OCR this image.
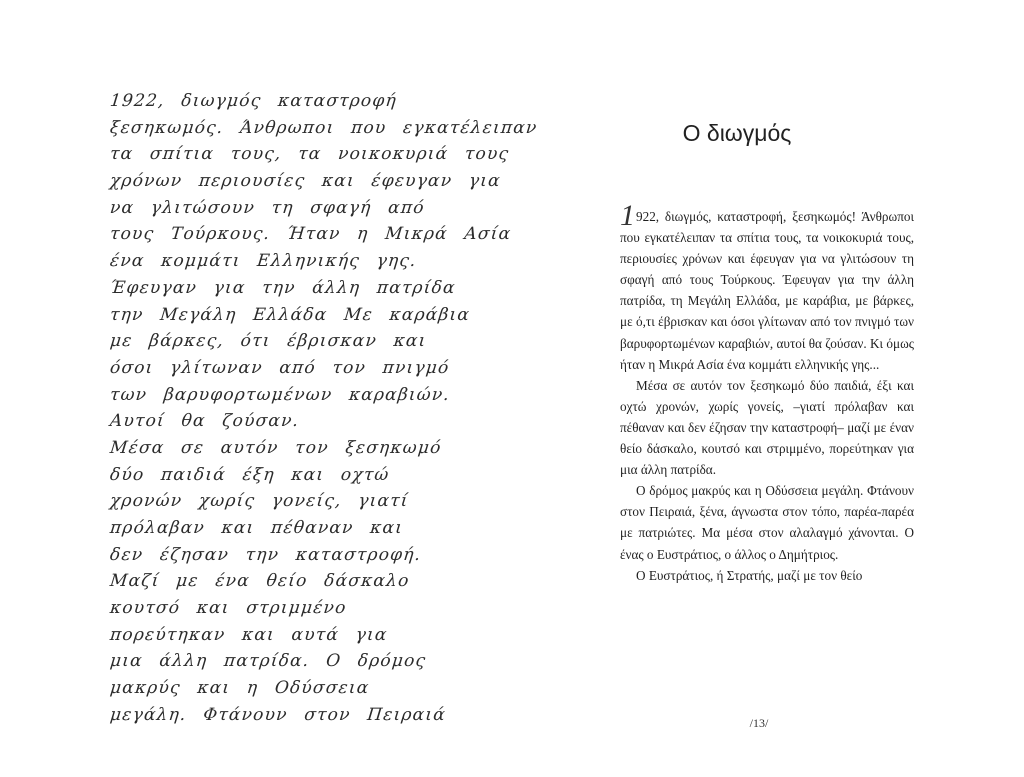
1922, διωγμός καταστροφή
ξεσηκωμός. Άνθρωποι που εγκατέλειπαν
τα σπίτια τους, τα νοικοκυριά τους
χρόνων περιουσίες και έφευγαν για
να γλιτώσουν τη σφαγή από
τους Τούρκους. Ήταν η Μικρά Ασία
ένα κομμάτι Ελληνικής γης.
Έφευγαν για την άλλη πατρίδα
την Μεγάλη Ελλάδα Με καράβια
με βάρκες, ότι έβρισκαν και
όσοι γλίτωναν από τον πνιγμό
των βαρυφορτωμένων καραβιών.
Αυτοί θα ζούσαν.
Μέσα σε αυτόν τον ξεσηκωμό
δύο παιδιά έξη και οχτώ
χρονών χωρίς γονείς, γιατί
πρόλαβαν και πέθαναν και
δεν έζησαν την καταστροφή.
Μαζί με ένα θείο δάσκαλο
κουτσό και στριμμένο
πορεύτηκαν και αυτά για
μια άλλη πατρίδα. Ο δρόμος
μακρύς και η Οδύσσεια
μεγάλη. Φτάνουν στον Πειραιά
Ο διωγμός

1922, διωγμός, καταστροφή, ξεσηκωμός! Άνθρωποι που εγκατέλειπαν τα σπίτια τους, τα νοικοκυριά τους, περιουσίες χρόνων και έφευγαν για να γλιτώσουν τη σφαγή από τους Τούρκους. Έφευγαν για την άλλη πατρίδα, τη Μεγάλη Ελλάδα, με καράβια, με βάρκες, με ό,τι έβρισκαν και όσοι γλίτωναν από τον πνιγμό των βαρυφορτωμένων καραβιών, αυτοί θα ζούσαν. Κι όμως ήταν η Μικρά Ασία ένα κομμάτι ελληνικής γης...

Μέσα σε αυτόν τον ξεσηκωμό δύο παιδιά, έξι και οχτώ χρονών, χωρίς γονείς, –γιατί πρόλαβαν και πέθαναν και δεν έζησαν την καταστροφή– μαζί με έναν θείο δάσκαλο, κουτσό και στριμμένο, πορεύτηκαν για μια άλλη πατρίδα.

Ο δρόμος μακρύς και η Οδύσσεια μεγάλη. Φτάνουν στον Πειραιά, ξένα, άγνωστα στον τόπο, παρέα-παρέα με πατριώτες. Μα μέσα στον αλαλαγμό χάνονται. Ο ένας ο Ευστράτιος, ο άλλος ο Δημήτριος.

Ο Ευστράτιος, ή Στρατής, μαζί με τον θείο

/13/
